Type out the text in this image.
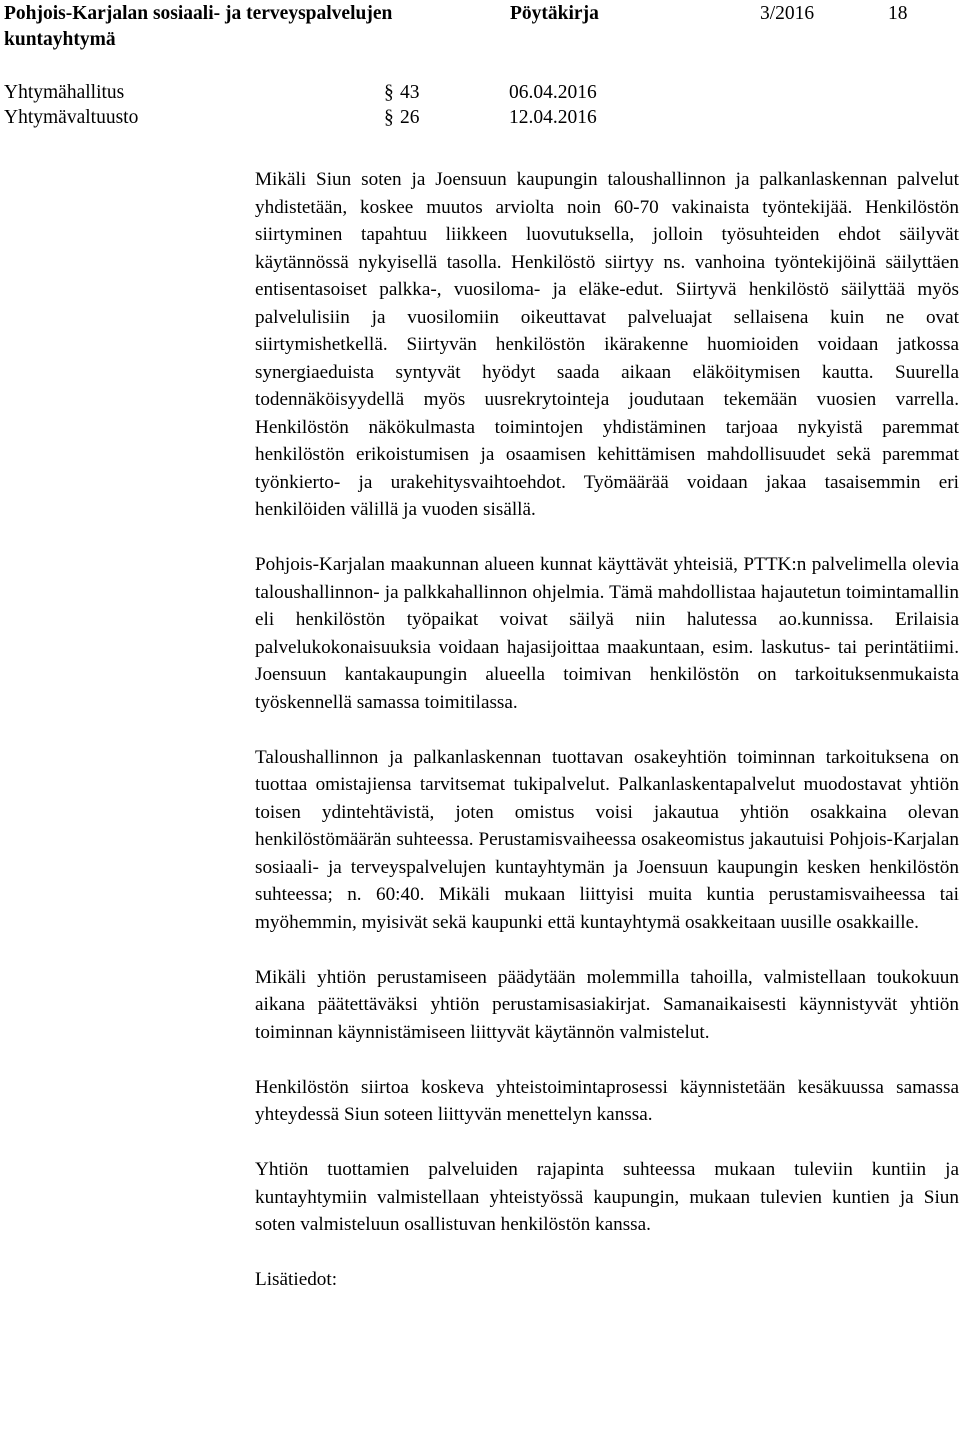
Pohjois-Karjalan sosiaali- ja terveyspalvelujen
kuntayhtymä
Pöytäkirja	3/2016	18
Yhtymähallitus	§ 43	06.04.2016
Yhtymävaltuusto	§ 26	12.04.2016

Mikäli Siun soten ja Joensuun kaupungin taloushallinnon ja palkanlaskennan palvelut yhdistetään, koskee muutos arviolta noin 60-70 vakinaista työntekijää. Henkilöstön siirtyminen tapahtuu liikkeen luovutuksella, jolloin työsuhteiden ehdot säilyvät käytännössä nykyisellä tasolla. Henkilöstö siirtyy ns. vanhoina työntekijöinä säilyttäen entisentasoiset palkka-, vuosiloma- ja eläke-edut. Siirtyvä henkilöstö säilyttää myös palvelulisiin ja vuosilomiin oikeuttavat palveluajat sellaisena kuin ne ovat siirtymishetkellä. Siirtyvän henkilöstön ikärakenne huomioiden voidaan jatkossa synergiaeduista syntyvät hyödyt saada aikaan eläköitymisen kautta. Suurella todennäköisyydellä myös uusrekrytointeja joudutaan tekemään vuosien varrella. Henkilöstön näkökulmasta toimintojen yhdistäminen tarjoaa nykyistä paremmat henkilöstön erikoistumisen ja osaamisen kehittämisen mahdollisuudet sekä paremmat työnkierto- ja urakehitysvaihtoehdot. Työmäärää voidaan jakaa tasaisemmin eri henkilöiden välillä ja vuoden sisällä.

Pohjois-Karjalan maakunnan alueen kunnat käyttävät yhteisiä, PTTK:n palvelimella olevia taloushallinnon- ja palkkahallinnon ohjelmia. Tämä mahdollistaa hajautetun toimintamallin eli henkilöstön työpaikat voivat säilyä niin halutessa ao.kunnissa. Erilaisia palvelukokonaisuuksia voidaan hajasijoittaa maakuntaan, esim. laskutus- tai perintätiimi. Joensuun kantakaupungin alueella toimivan henkilöstön on tarkoituksenmukaista työskennellä samassa toimitilassa.

Taloushallinnon ja palkanlaskennan tuottavan osakeyhtiön toiminnan tarkoituksena on tuottaa omistajiensa tarvitsemat tukipalvelut. Palkanlaskentapalvelut muodostavat yhtiön toisen ydintehtävistä, joten omistus voisi jakautua yhtiön osakkaina olevan henkilöstömäärän suhteessa. Perustamisvaiheessa osakeomistus jakautuisi Pohjois-Karjalan sosiaali- ja terveyspalvelujen kuntayhtymän ja Joensuun kaupungin kesken henkilöstön suhteessa; n. 60:40. Mikäli mukaan liittyisi muita kuntia perustamisvaiheessa tai myöhemmin, myisivät sekä kaupunki että kuntayhtymä osakkeitaan uusille osakkaille.

Mikäli yhtiön perustamiseen päädytään molemmilla tahoilla, valmistellaan toukokuun aikana päätettäväksi yhtiön perustamisasiakirjat. Samanaikaisesti käynnistyvät yhtiön toiminnan käynnistämiseen liittyvät käytännön valmistelut.

Henkilöstön siirtoa koskeva yhteistoimintaprosessi käynnistetään kesäkuussa samassa yhteydessä Siun soteen liittyvän menettelyn kanssa.

Yhtiön tuottamien palveluiden rajapinta suhteessa mukaan tuleviin kuntiin ja kuntayhtymiin valmistellaan yhteistyössä kaupungin, mukaan tulevien kuntien ja Siun soten valmisteluun osallistuvan henkilöstön kanssa.

Lisätiedot:
